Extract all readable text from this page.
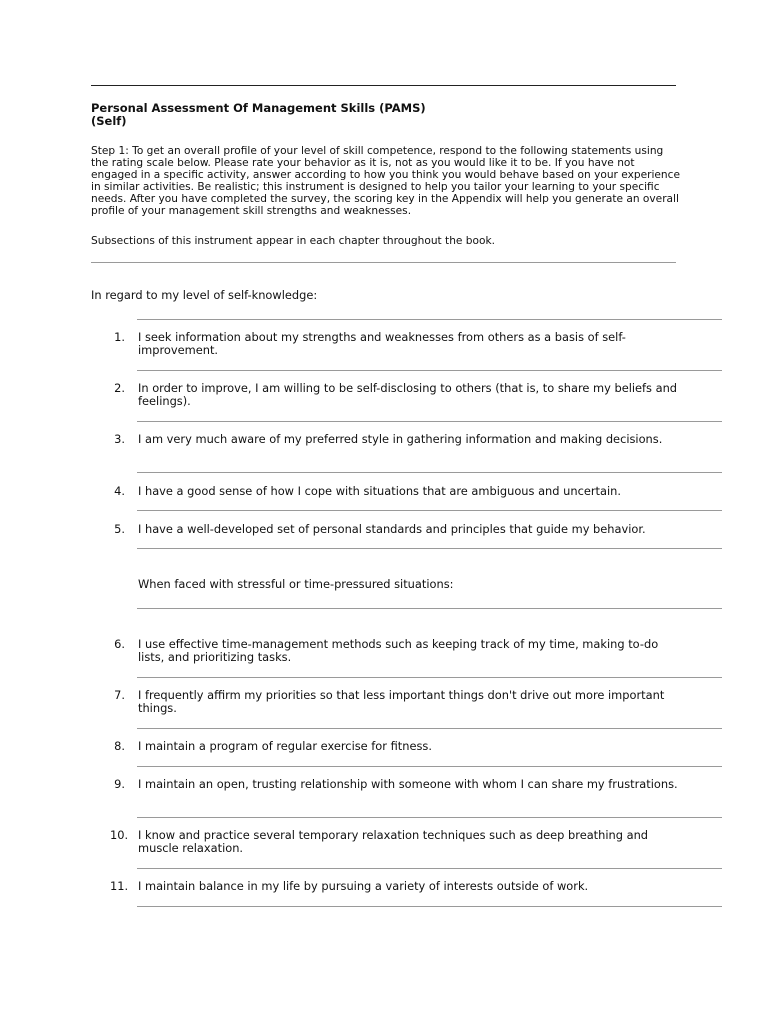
Personal Assessment Of Management Skills (PAMS)
(Self)
Step 1: To get an overall profile of your level of skill competence, respond to the following statements using the rating scale below. Please rate your behavior as it is, not as you would like it to be. If you have not engaged in a specific activity, answer according to how you think you would behave based on your experience in similar activities. Be realistic; this instrument is designed to help you tailor your learning to your specific needs. After you have completed the survey, the scoring key in the Appendix will help you generate an overall profile of your management skill strengths and weaknesses.
Subsections of this instrument appear in each chapter throughout the book.
In regard to my level of self-knowledge:
1. I seek information about my strengths and weaknesses from others as a basis of self-improvement.
2. In order to improve, I am willing to be self-disclosing to others (that is, to share my beliefs and feelings).
3. I am very much aware of my preferred style in gathering information and making decisions.
4. I have a good sense of how I cope with situations that are ambiguous and uncertain.
5. I have a well-developed set of personal standards and principles that guide my behavior.
When faced with stressful or time-pressured situations:
6. I use effective time-management methods such as keeping track of my time, making to-do lists, and prioritizing tasks.
7. I frequently affirm my priorities so that less important things don't drive out more important things.
8. I maintain a program of regular exercise for fitness.
9. I maintain an open, trusting relationship with someone with whom I can share my frustrations.
10. I know and practice several temporary relaxation techniques such as deep breathing and muscle relaxation.
11. I maintain balance in my life by pursuing a variety of interests outside of work.
